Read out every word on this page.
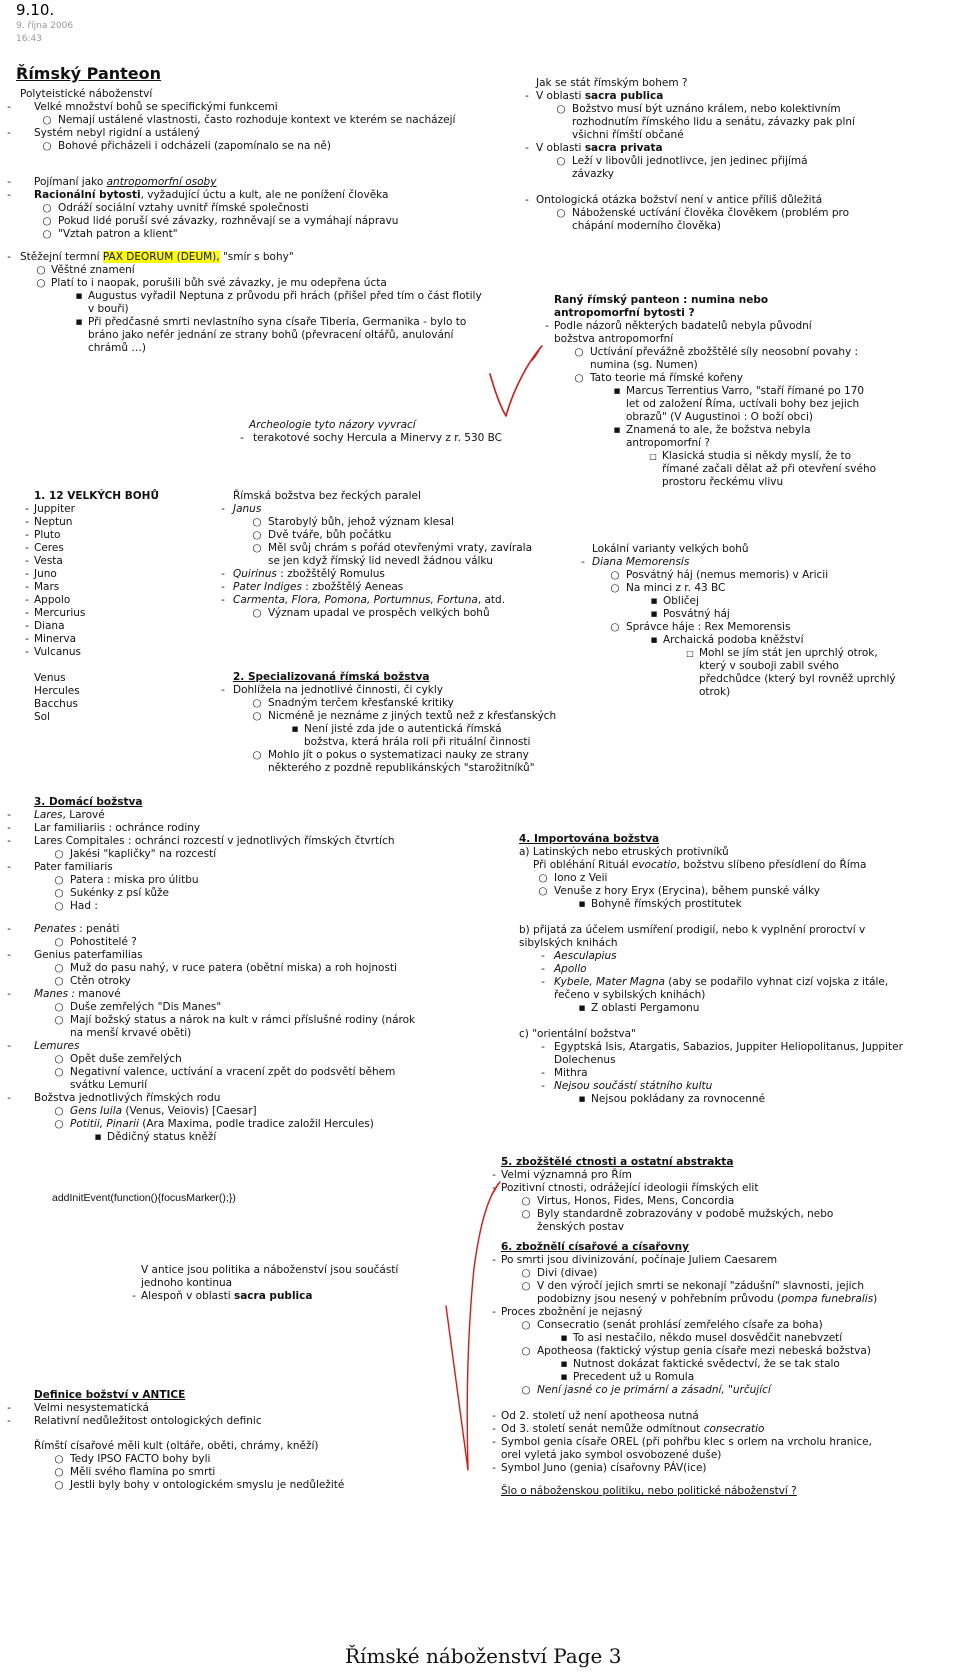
9.10.
9. října 2006
16:43
Římský Panteon
Polyteistické náboženství
-	Velké množství bohů se specifickými funkcemi
○ Nemají ustálené vlastnosti, často rozhoduje kontext ve kterém se nacházejí
-	Systém nebyl rigidní a ustálený
○ Bohové přicházeli i odcházeli (zapomínalo se na ně)
-	Pojímaní jako antropomorfní osoby
-	Racionální bytosti, vyžadující úctu a kult, ale ne ponížení člověka
○ Odráží sociální vztahy uvnitř římské společnosti
○ Pokud lidé poruší své závazky, rozhněvají se a vymáhají nápravu
○ "Vztah patron a klient"
- Stěžejní termní PAX DEORUM (DEUM), "smír s bohy"
○ Věštné znamení
○ Platí to i naopak, porušili bůh své závazky, je mu odepřena úcta
■ Augustus vyřadil Neptuna z průvodu při hrách (přišel před tím o část flotily v bouři)
■ Při předčasné smrti nevlastního syna císaře Tiberia, Germanika - bylo to bráno jako nefér jednání ze strany bohů (převracení oltářů, anulování chrámů …)
Archeologie tyto názory vyvrací
- terakotové sochy Hercula a Minervy z r. 530 BC
Jak se stát římským bohem ?
- V oblasti sacra publica
○ Božstvo musí být uznáno králem, nebo kolektivním rozhodnutím římského lidu a senátu, závazky pak plní všichni římští občané
- V oblasti sacra privata
○ Leží v libovůli jednotlivce, jen jedinec přijímá závazky
- Ontologická otázka božství není v antice příliš důležitá
○ Náboženské uctívání člověka člověkem (problém pro chápání moderního člověka)
Raný římský panteon : numina nebo antropomorfní bytosti ?
- Podle názorů některých badatelů nebyla původní božstva antropomorfní
○ Uctívání převážně zbožštělé síly neosobní povahy : numina (sg. Numen)
○ Tato teorie má římské kořeny
■ Marcus Terrentius Varro, "staří římané po 170 let od založení Říma, uctívali bohy bez jejich obrazů" (V Augustinoi : O boží obci)
■ Znamená to ale, že božstva nebyla antropomorfní ?
□ Klasická studia si někdy myslí, že to římané začali dělat až při otevření svého prostoru řeckému vlivu
1. 12 VELKÝCH BOHŮ
- Juppiter
- Neptun
- Pluto
- Ceres
- Vesta
- Juno
- Mars
- Appolo
- Mercurius
- Diana
- Minerva
- Vulcanus
Venus
Hercules
Bacchus
Sol
Římská božstva bez řeckých paralel
- Janus
○ Starobylý bůh, jehož význam klesal
○ Dvě tváře, bůh počátku
○ Měl svůj chrám s pořád otevřenými vraty, zavírala se jen když římský lid nevedl žádnou válku
- Quirinus : zbožštělý Romulus
- Pater Indiges : zbožštělý Aeneas
- Carmenta, Flora, Pomona, Portumnus, Fortuna, atd.
○ Význam upadal ve prospěch velkých bohů
Lokální varianty velkých bohů
- Diana Memorensis
○ Posvátný háj (nemus memoris) v Aricii
○ Na minci z r. 43 BC
■ Obličej
■ Posvátný háj
○ Správce háje : Rex Memorensis
■ Archaická podoba kněžství
□ Mohl se jím stát jen uprchlý otrok, který v souboji zabil svého předchůdce (který byl rovněž uprchlý otrok)
2. Specializovaná římská božstva
- Dohlížela na jednotlivé činnosti, či cykly
○ Snadným terčem křesťanské kritiky
○ Nicméně je neznáme z jiných textů než z křesťanských
■ Není jisté zda jde o autentická římská božstva, která hrála roli při rituální činnosti
○ Mohlo jít o pokus o systematizaci nauky ze strany některého z pozdně republikánských "starožitníků"
3. Domácí božstva
-	Lares, Larové
-	Lar familiariis : ochránce rodiny
-	Lares Compitales : ochránci rozcestí v jednotlivých římských čtvrtích
○ Jakési "kapličky" na rozcestí
-	Pater familiaris
○ Patera : miska pro úlitbu
○ Sukénky z psí kůže
○ Had :
-	Penates : penáti
○ Pohostitelé ?
-	Genius paterfamilias
○ Muž do pasu nahý, v ruce patera (obětní miska) a roh hojnosti
○ Ctěn otroky
-	Manes : manové
○ Duše zemřelých "Dis Manes"
○ Mají božský status a nárok na kult v rámci příslušné rodiny (nárok na menší krvavé oběti)
-	Lemures
○ Opět duše zemřelých
○ Negativní valence, uctívání a vracení zpět do podsvětí během svátku Lemurií
-	Božstva jednotlivých římských rodu
○ Gens Iuila (Venus, Veiovis) [Caesar]
○ Potitii, Pinarii (Ara Maxima, podle tradice založil Hercules)
■ Dědičný status kněží
4. Importována božstva
a) Latinských nebo etruských protivníků
Při obléhání Rituál evocatio, božstvu slíbeno přesídlení do Říma
○ Iono z Veii
○ Venuše z hory Eryx (Erycina), během punské války
■ Bohyně římských prostitutek
b) přijatá za účelem usmíření prodigií, nebo k vyplnění proroctví v sibylských knihách
- Aesculapius
- Apollo
- Kybele, Mater Magna (aby se podařilo vyhnat cizí vojska z itále, řečeno v sybilských knihách)
■ Z oblasti Pergamonu
c) "orientální božstva"
- Egyptská Isis, Atargatis, Sabazios, Juppiter Heliopolitanus, Juppiter Dolechenus
- Mithra
- Nejsou součástí státního kultu
■ Nejsou pokládany za rovnocenné
addInitEvent(function(){focusMarker();})
V antice jsou politika a náboženství jsou součástí jednoho kontinua
- Alespoň v oblasti sacra publica
Definice božství v ANTICE
-	Velmi nesystematická
-	Relativní nedůležitost ontologických definic
Římští císařové měli kult (oltáře, oběti, chrámy, kněží)
○ Tedy IPSO FACTO bohy byli
○ Měli svého flamina po smrti
○ Jestli byly bohy v ontologickém smyslu je nedůležité
5. zbožštělé ctnosti a ostatní abstrakta
- Velmi významná pro Řím
- Pozitivní ctnosti, odrážející ideologii římských elit
○ Virtus, Honos, Fides, Mens, Concordia
○ Byly standardně zobrazovány v podobě mužských, nebo ženských postav
6. zbožnělí císařové a císařovny
- Po smrti jsou divinizování, počínaje Juliem Caesarem
○ Divi (divae)
○ V den výročí jejich smrti se nekonají "zádušní" slavnosti, jejich podobizny jsou nesený v pohřebním průvodu (pompa funebralis)
- Proces zbožnění je nejasný
○ Consecratio (senát prohlásí zemřelého císaře za boha)
■ To asi nestačilo, někdo musel dosvědčit nanebvzetí
○ Apotheosa (faktický výstup genia císaře mezi nebeská božstva)
■ Nutnost dokázat faktické svědectví, že se tak stalo
■ Precedent už u Romula
○ Není jasné co je primární a zásadní, "určující
- Od 2. století už není apotheosa nutná
- Od 3. století senát nemůže odmítnout consecratio
- Symbol genia císaře OREL (při pohřbu klec s orlem na vrcholu hranice, orel vyletá jako symbol osvobozené duše)
- Symbol Juno (genia) císařovny PÁV(ice)
Šlo o náboženskou politiku, nebo politické náboženství ?
Římské náboženství Page 3
